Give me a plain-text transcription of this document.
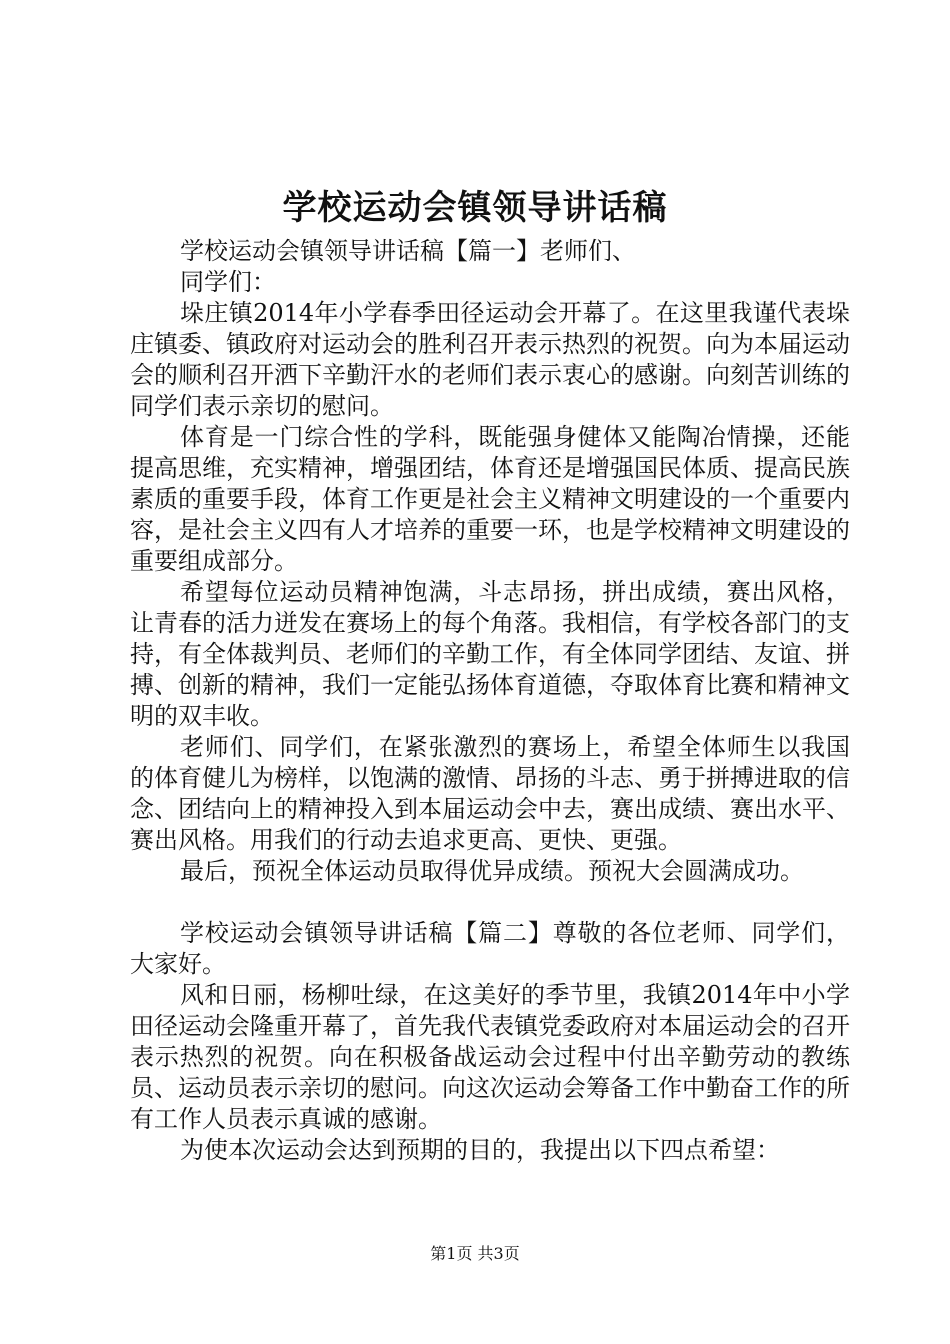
学校运动会镇领导讲话稿

学校运动会镇领导讲话稿【篇一】老师们、

同学们：

垛庄镇2014年小学春季田径运动会开幕了。在这里我谨代表垛庄镇委、镇政府对运动会的胜利召开表示热烈的祝贺。向为本届运动会的顺利召开洒下辛勤汗水的老师们表示衷心的感谢。向刻苦训练的同学们表示亲切的慰问。

体育是一门综合性的学科，既能强身健体又能陶冶情操，还能提高思维，充实精神，增强团结，体育还是增强国民体质、提高民族素质的重要手段，体育工作更是社会主义精神文明建设的一个重要内容，是社会主义四有人才培养的重要一环，也是学校精神文明建设的重要组成部分。

希望每位运动员精神饱满，斗志昂扬，拼出成绩，赛出风格，让青春的活力迸发在赛场上的每个角落。我相信，有学校各部门的支持，有全体裁判员、老师们的辛勤工作，有全体同学团结、友谊、拼搏、创新的精神，我们一定能弘扬体育道德，夺取体育比赛和精神文明的双丰收。

老师们、同学们，在紧张激烈的赛场上，希望全体师生以我国的体育健儿为榜样，以饱满的激情、昂扬的斗志、勇于拼搏进取的信念、团结向上的精神投入到本届运动会中去，赛出成绩、赛出水平、赛出风格。用我们的行动去追求更高、更快、更强。

最后，预祝全体运动员取得优异成绩。预祝大会圆满成功。

学校运动会镇领导讲话稿【篇二】尊敬的各位老师、同学们，大家好。

风和日丽，杨柳吐绿，在这美好的季节里，我镇2014年中小学田径运动会隆重开幕了，首先我代表镇党委政府对本届运动会的召开表示热烈的祝贺。向在积极备战运动会过程中付出辛勤劳动的教练员、运动员表示亲切的慰问。向这次运动会筹备工作中勤奋工作的所有工作人员表示真诚的感谢。

为使本次运动会达到预期的目的，我提出以下四点希望：

第1页 共3页
